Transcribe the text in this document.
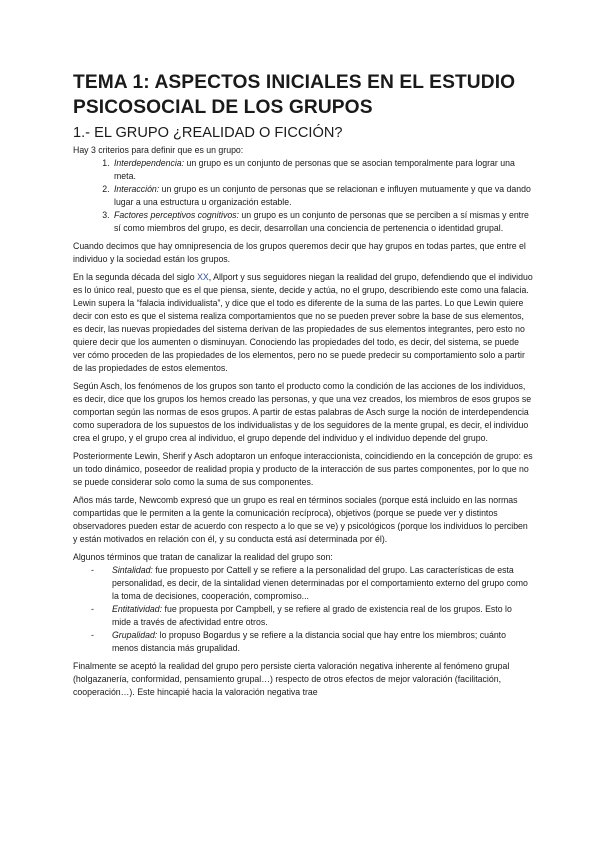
TEMA 1: ASPECTOS INICIALES EN EL ESTUDIO
PSICOSOCIAL DE LOS GRUPOS
1.- EL GRUPO ¿REALIDAD O FICCIÓN?

Hay 3 criterios para definir que es un grupo:

1. Interdependencia: un grupo es un conjunto de personas que se asocian temporalmente para lograr una meta.
2. Interacción: un grupo es un conjunto de personas que se relacionan e influyen mutuamente y que va dando lugar a una estructura u organización estable.
3. Factores perceptivos cognitivos: un grupo es un conjunto de personas que se perciben a sí mismas y entre sí como miembros del grupo, es decir, desarrollan una conciencia de pertenencia o identidad grupal.

Cuando decimos que hay omnipresencia de los grupos queremos decir que hay grupos en todas partes, que entre el individuo y la sociedad están los grupos.

En la segunda década del siglo XX, Allport y sus seguidores niegan la realidad del grupo, defendiendo que el individuo es lo único real, puesto que es el que piensa, siente, decide y actúa, no el grupo, describiendo este como una falacia. Lewin supera la “falacia individualista”, y dice que el todo es diferente de la suma de las partes. Lo que Lewin quiere decir con esto es que el sistema realiza comportamientos que no se pueden prever sobre la base de sus elementos, es decir, las nuevas propiedades del sistema derivan de las propiedades de sus elementos integrantes, pero esto no quiere decir que los aumenten o disminuyan. Conociendo las propiedades del todo, es decir, del sistema, se puede ver cómo proceden de las propiedades de los elementos, pero no se puede predecir su comportamiento solo a partir de las propiedades de estos elementos.

Según Asch, los fenómenos de los grupos son tanto el producto como la condición de las acciones de los individuos, es decir, dice que los grupos los hemos creado las personas, y que una vez creados, los miembros de esos grupos se comportan según las normas de esos grupos. A partir de estas palabras de Asch surge la noción de interdependencia como superadora de los supuestos de los individualistas y de los seguidores de la mente grupal, es decir, el individuo crea el grupo, y el grupo crea al individuo, el grupo depende del individuo y el individuo depende del grupo.

Posteriormente Lewin, Sherif y Asch adoptaron un enfoque interaccionista, coincidiendo en la concepción de grupo: es un todo dinámico, poseedor de realidad propia y producto de la interacción de sus partes componentes, por lo que no se puede considerar solo como la suma de sus componentes.

Años más tarde, Newcomb expresó que un grupo es real en términos sociales (porque está incluido en las normas compartidas que le permiten a la gente la comunicación recíproca), objetivos (porque se puede ver y distintos observadores pueden estar de acuerdo con respecto a lo que se ve) y psicológicos (porque los individuos lo perciben y están motivados en relación con él, y su conducta está así determinada por él).

Algunos términos que tratan de canalizar la realidad del grupo son:

- Sintalidad: fue propuesto por Cattell y se refiere a la personalidad del grupo. Las características de esta personalidad, es decir, de la sintalidad vienen determinadas por el comportamiento externo del grupo como la toma de decisiones, cooperación, compromiso...
- Entitatividad: fue propuesta por Campbell, y se refiere al grado de existencia real de los grupos. Esto lo mide a través de afectividad entre otros.
- Grupalidad: lo propuso Bogardus y se refiere a la distancia social que hay entre los miembros; cuánto menos distancia más grupalidad.

Finalmente se aceptó la realidad del grupo pero persiste cierta valoración negativa inherente al fenómeno grupal (holgazanería, conformidad, pensamiento grupal…) respecto de otros efectos de mejor valoración (facilitación, cooperación…). Este hincapié hacia la valoración negativa trae
